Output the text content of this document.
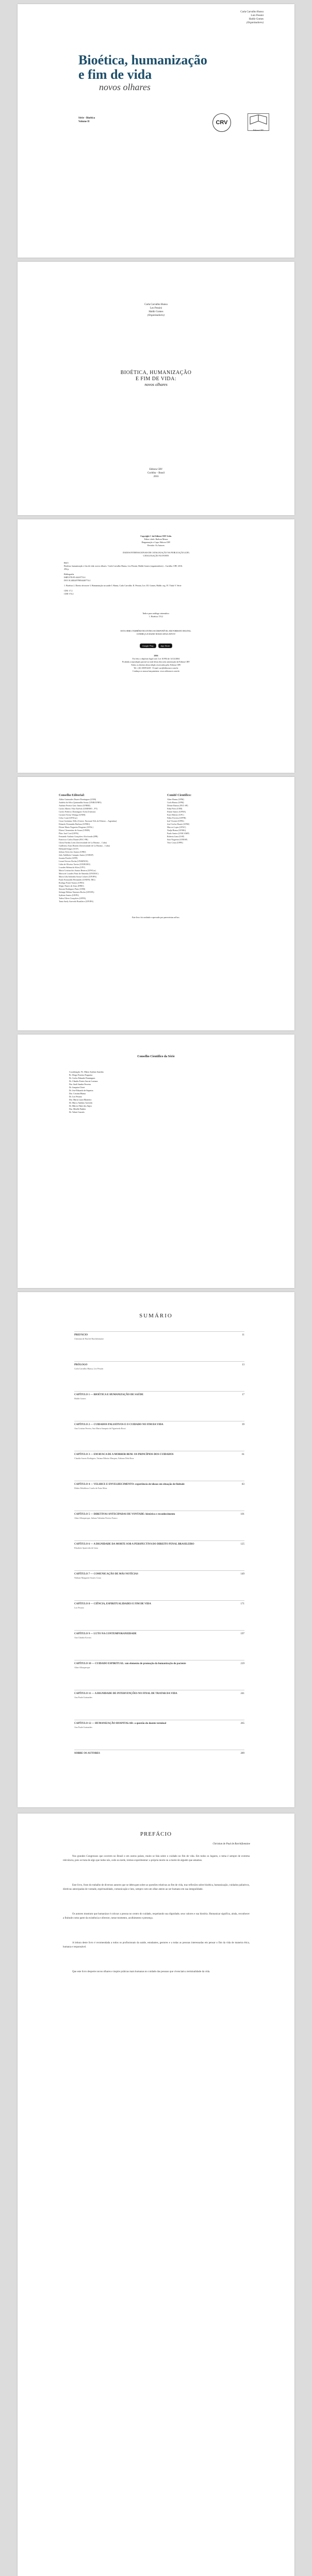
Carla Carvalho Hunsu
Luiz Pessini
Haldir Gomes
(Organizadores)
Bioética, humanização
e fim de vida
novos olhares
Série - Bioética
Volume II	CRV
Editora CRV
Carla Carvalho Hunsu
Leo Pessini
Haldir Gomes
(Organizadores)
BIOÉTICA, HUMANIZAÇÃO
E FIM DE VIDA:
novos olhares
Editora CRV
Curitiba – Brasil
2016
Copyright © da Editora CRV Ltda.
Editor-chefe: Railson Moura
Diagramação e Capa: Editora CRV
Revisão: Os Autores
DADOS INTERNACIONAIS DE CATALOGAÇÃO NA PUBLICAÇÃO (CIP)
CATALOGAÇÃO NA FONTE
B615
Bioética, humanização e fim de vida: novos olhares / Carla Carvalho Hunsu, Leo Pessini, Haldir Gomes (organizadores) – Curitiba: CRV, 2016.
294 p.
Bibliografia
ISBN 978-85-444-0774-4
DOI 10.24824/978854440774.4
1. Bioética 2. Direito de morte 3. Humanização na saúde I. Hunsu, Carla Carvalho. II. Pessini, Leo. III. Gomes, Haldir. org. IV. Título V. Série
CDU 17.2
CDD 174.2
Índice para catálogo sistemático
1. Bioética 174.2
ESTA OBRA TAMBÉM ENCONTRA-SE DISPONÍVEL EM FORMATO DIGITAL.
CONHEÇA E BAIXE NOSSO APLICATIVO!
Google Play	App Store
2016
Foi feito o depósito legal conf. Lei 10.994 de 14/12/2004
Proibida a reprodução parcial ou total desta obra sem autorização da Editora CRV
Todos os direitos desta edição reservados pela: Editora CRV
Tel.: (41) 3039-6418 - E-mail: sac@editoracrv.com.br
Conheça os nossos lançamentos: www.editoracrv.com.br
Conselho Editorial:
Aldira Guimarães Duarte Domínguez (UNB)
Andréia da Silva Quintanilha Sousa (UNIR/UFRN)
Antônio Pereira Gaio Júnior (UFRRJ)
Carlos Alberto Vilar Estêvão (UMINHO – PT)
Carlos Federico Dominguez Avila (Unieuro)
Carmen Tereza Velanga (UNIR)
Celso Conti (UFSCar)
Cesar Gerónimo Tello (Univer. Nacional Três de Febrero – Argentina)
Eduardo Fernandes Barbosa (UFMG)
Elione Maria Nogueira Diogenes (UFAL)
Elizeu Clementino de Souza (UNEB)
Élsio José Corá (UFFS)
Fernando Antônio Gonçalves Alcoforado (IPB)
Francisco Carlos Duarte (PUC-PR)
Gloria Fariñas León (Universidade de La Havana – Cuba)
Guillermo Arias Beatón (Universidade de La Havana – Cuba)
Helmuth Krüger (UCP)
Jailson Alves dos Santos (UFRJ)
João Adalberto Campato Junior (UNESP)
Josania Portela (UFPI)
Leonel Severo Rocha (UNISINOS)
Lídia de Oliveira Xavier (UNIEURO)
Lourdes Helena da Silva (UFV)
Maria Cristina dos Santos Bezerra (UFSCar)
Maria de Lourdes Pinto de Almeida (UNOESC)
Maria Lília Imbiriba Sousa Colares (UFOPA)
Paulo Romualdo Hernandes (UNIFAL-MG)
Rodrigo Pratte-Santos (UFES)
Sérgio Nunes de Jesus (IFRO)
Simone Rodrigues Pinto (UNB)
Solange Helena Ximenes-Rocha (UFOPA)
Sydione Santos (UEPG)
Tadeu Oliver Gonçalves (UFPA)
Tania Suely Azevedo Brasileiro (UFOPA)
Comitê Científico:
Aline Hunsu (UPM)
Carla Hunsu (UPM)
Denise Ramos (PUC-SP)
Edna Pires (UNB)
Eliane Santos (UFBA)
Ester Ribeiro (UFC)
Fábio Ferreira (UFPR)
Iraê Vicente (UFPA)
José Carlos Duarte (UFRJ)
Marcos Lopes (UFSC)
Nadja Hunsu (UFMG)
Paulo Santos (UNICAMP)
Roberta Lima (USP)
Sara Nogueira (UNESP)
Vera Costa (UFPE)
Este livro foi avaliado e aprovado por pareceristas ad hoc.
Conselho Científico da Série
Coordenação: Pe. Mário Antônio Sanches
Pe. Diego Ferreira Nogueira
Dr. Carlos Eduardo Domingues
Dr. Cláudio Fortes Garcia Lorenzo
Dra. Sueli Sandra Ferreira
Dr. Joaquim Clotet
Dr. José Eduardo de Siqueira
Dra. Cristina Hunsu
Dr. Leo Pessini
Dra. Maria Luiza Monteiro
Dr. Marco Antônio Azevedo
Dr. Márcio Fabri dos Anjos
Dra. Mirelle Finkler
Dr. Volnei Garrafa
SUMÁRIO
PREFÁCIO	11
Christian de Paul de Barchifontaine
PRÓLOGO	13
Carla Carvalho Hunsu, Leo Pessini
CAPÍTULO 1 — BIOÉTICA E HUMANIZAÇÃO DE SAÚDE	17
Haldir Gomes
CAPÍTULO 2 — CUIDADOS PALIATIVOS E O CUIDADO NO FIM DA VIDA	39
Ana Cristina Pereira, Ana Maria Sampaio de Figueiredo Rossi
CAPÍTULO 3 — EM BUSCA DE A MORRER BEM: OS PRINCÍPIOS DOS CUIDADOS	61
Claudia Soares Rodrigues, Tatiana Ribeiro Marques, Fabiana Dela Rosa
CAPÍTULO 4 — VELHICE E ENVELHECIMENTO: experiência de idosos em situação de finitude	83
Dálete Delalibera Corrêa de Faria Mota
CAPÍTULO 5 — DIRETIVAS ANTECIPADAS DE VONTADE: histórico e reconhecimento	101
Aline Albuquerque, Juliana Valentim Pereira Franco
CAPÍTULO 6 — A DIGNIDADE DA MORTE SOB A PERSPECTIVA DO DIREITO PENAL BRASILEIRO	125
Elisabete Aparecida de Lima
CAPÍTULO 7 — COMUNICAÇÃO DE MÁS NOTÍCIAS	149
Nidiane Margarete Soares Costa
CAPÍTULO 8 — CIÊNCIA, ESPIRITUALIDADES E FIM DE VIDA	171
Leo Pessini
CAPÍTULO 9 — LUTO NA CONTEMPORANEIDADE	197
Ana Cláudia Kovács
CAPÍTULO 10 — CUIDADO ESPIRITUAL: um elemento de promoção da humanização do paciente	219
Aline Albuquerque
CAPÍTULO 11 — A DIGNIDADE DE INTERVENÇÕES NO FINAL DE TRATAR DA VIDA	241
Ana Paula Guimarães
CAPÍTULO 12 — HUMANIZAÇÃO HOSPITALAR: a questão do doente terminal	265
Ana Paula Guimarães
SOBRE OS AUTORES	289
PREFÁCIO
Christian de Paul de Barchifontaine
Nos grandes Congressos que ocorrem no Brasil e em outros países, muito se fala sobre o cuidado no fim de vida. Em todos os lugares, o tema é sempre de extrema relevância, pois se trata de algo que todos nós, cedo ou tarde, iremos experimentar: a própria morte ou a morte de alguém que amamos.
Este livro, fruto do trabalho de diversos autores que se debruçam sobre as questões relativas ao fim de vida, traz reflexões sobre bioética, humanização, cuidados paliativos, diretivas antecipadas de vontade, espiritualidade, comunicação e luto, sempre com um olhar atento ao ser humano em sua integralidade.
Os autores mostram que humanizar é colocar a pessoa no centro do cuidado, respeitando sua dignidade, seus valores e sua história. Humanizar significa, ainda, reconhecer a finitude como parte da existência e oferecer, nesse momento, acolhimento e presença.
A leitura deste livro é recomendada a todos os profissionais da saúde, estudantes, gestores e a todas as pessoas interessadas em pensar o fim da vida de maneira ética, humana e responsável.
Que este livro desperte novos olhares e inspire práticas mais humanas no cuidado das pessoas que vivenciam a terminalidade da vida.
